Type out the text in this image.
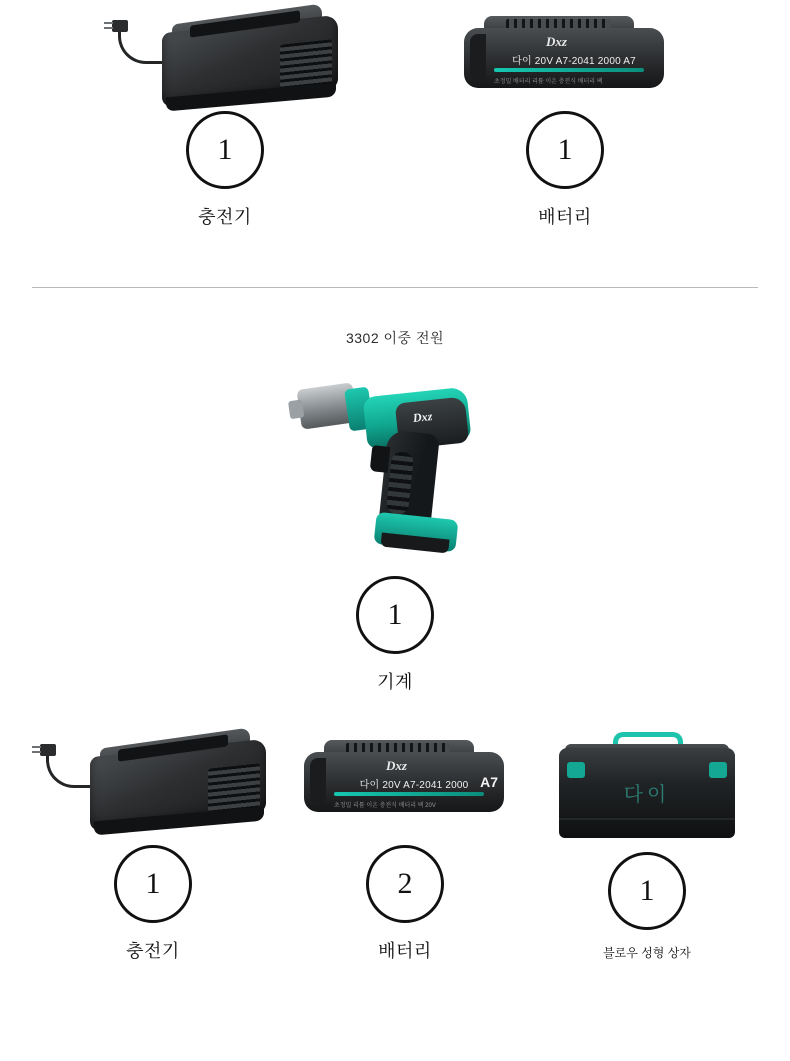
1
충전기
Dxz
다이 20V A7-2041 2000 A7
초정밀 배터리 리튬 이온 충전식 배터리 팩
1
배터리
3302 이중 전원
Dxz
1
기계
1
충전기
Dxz
다이 20V A7-2041 2000
초정밀 리튬 이온 충전식 배터리 팩 20V
A7
2
배터리
다이
1
블로우 성형 상자
